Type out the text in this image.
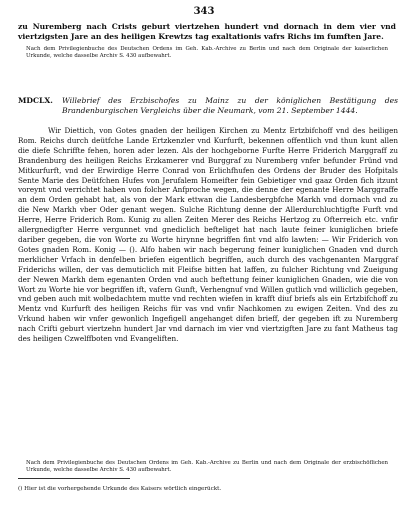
343
zu Nuremberg nach Crists geburt viertzehen hundert vnd dornach in dem vier vnd viertzigsten Jare an des heiligen Krewtzs tag exaltationis vafrs Richs im fumften Jare.
Nach dem Privilegienbuche des Deutschen Ordens im Geh. Kab.-Archive zu Berlin und nach dem Originale der kaiserlichen Urkunde, welche dasselbe Archiv S. 430 aufbewahrt.
MDCLX. Willebrief des Erzbischofes zu Mainz zu der königlichen Bestätigung des Brandenburgischen Vergleichs über die Neumark, vom 21. September 1444.
Wir Diettich, von Gotes gnaden der heiligen Kirchen zu Mentz Ertzbifchoff vnd des heiligen Rom. Reichs durch deütfche Lande Ertzkenzler vnd Kurfurft, bekennen offentlich vnd thun kunt allen die diefe Schriffte fehen, horen ader lezen. Als der hochgeborne Furfte Herre Friderich Marggraff zu Brandenburg des heiligen Reichs Erzkamerer vnd Burggraf zu Nuremberg vnfer befunder Fründ vnd Mitkurfurft, vnd der Erwirdige Herre Conrad von Erlichfhufen des Ordens der Bruder des Hofpitals Sente Marie des Deütfchen Hufes von Jerufalem Homeifter fein Gebietiger vnd gaaz Orden fich itzunt voreynt vnd verrichtet haben von folcher Anfproche wegen, die denne der egenante Herre Marggraffe an dem Orden gehabt hat, als von der Mark ettwan die Landesbergbfche Markh vnd dornach vnd zu die New Markh vber Oder genant wegen. Sulche Richtung denne der Allerdurchluchtigfte Furft vnd Herre, Herre Friderich Rom. Kunig zu allen Zeiten Merer des Reichs Hertzog zu Ofterreich etc. vnfir allergnedigfter Herre vergunnet vnd gnediclich befteliget hat nach laute feiner kuniglichen briefe dariber gegeben, die von Worte zu Worte hirynne begriffen fint vnd alfo lawten: — Wir Friderich von Gotes gnaden Rom. Konig — (). Alfo haben wir nach begerung feiner kuniglichen Gnaden vnd durch merklicher Vrfach in denfelben briefen eigentlich begriffen, auch durch des vachgenanten Marggraf Friderichs willen, der vas demuticlich mit Fleifse bitten hat laffen, zu fulcher Richtung vnd Zueigung der Newen Markh dem egenanten Orden vnd auch beftettung feiner kuniglichen Gnaden, wie die von Wort zu Worte hie vor begriffen ift, vafern Gunft, Verhengnuf vnd Willen gutlich vnd williclich gegeben, vnd geben auch mit wolbedachtem mutte vnd rechten wiefen in krafft diuf briefs als ein Ertzbifchoff zu Mentz vnd Kurfurft des heiligen Reichs für vas vnd vnfir Nachkomen zu ewigen Zeiten. Vnd des zu Vrkund haben wir vnfer gewonlich Ingefigell angehanget difen brieff, der gegeben ift zu Nuremberg nach Crifti geburt viertzehn hundert Jar vnd darnach im vier vnd viertzigften Jare zu fant Matheus tag des heiligen Czwelffboten vnd Evangeliften.
Nach dem Privilegienbuche des Deutschen Ordens im Geh. Kab.-Archive zu Berlin und nach dem Originale der erzbischöflichen Urkunde, welche dasselbe Archiv S. 430 aufbewahrt.
() Hier ist die vorhergehende Urkunde des Kaisers wörtlich eingerückt.
